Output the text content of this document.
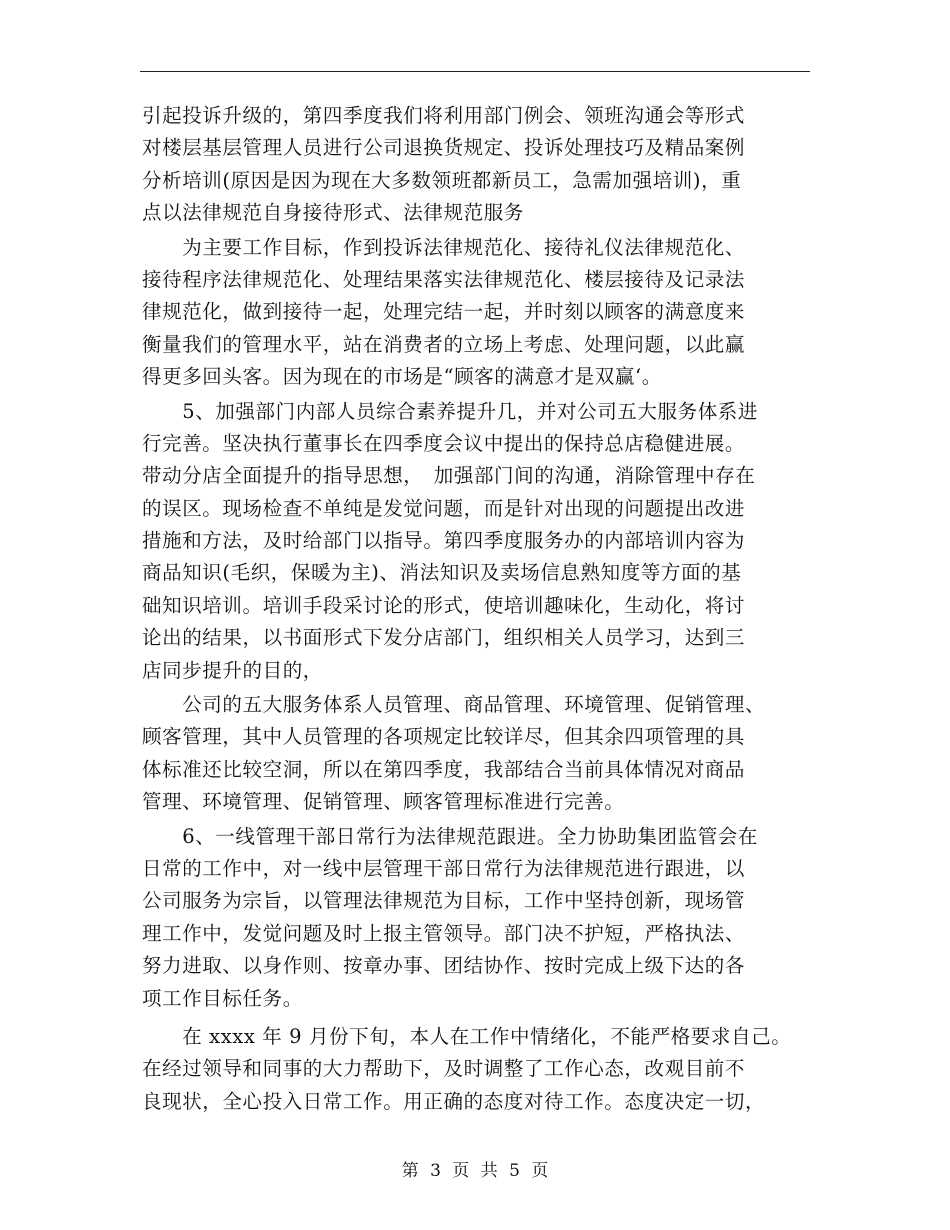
引起投诉升级的，第四季度我们将利用部门例会、领班沟通会等形式
对楼层基层管理人员进行公司退换货规定、投诉处理技巧及精品案例
分析培训(原因是因为现在大多数领班都新员工，急需加强培训)，重
点以法律规范自身接待形式、法律规范服务
　　为主要工作目标，作到投诉法律规范化、接待礼仪法律规范化、
接待程序法律规范化、处理结果落实法律规范化、楼层接待及记录法
律规范化，做到接待一起，处理完结一起，并时刻以顾客的满意度来
衡量我们的管理水平，站在消费者的立场上考虑、处理问题，以此赢
得更多回头客。因为现在的市场是“顾客的满意才是双赢‘。
　　5、加强部门内部人员综合素养提升几，并对公司五大服务体系进
行完善。坚决执行董事长在四季度会议中提出的保持总店稳健进展。
带动分店全面提升的指导思想，　加强部门间的沟通，消除管理中存在
的误区。现场检查不单纯是发觉问题，而是针对出现的问题提出改进
措施和方法，及时给部门以指导。第四季度服务办的内部培训内容为
商品知识(毛织，保暖为主)、消法知识及卖场信息熟知度等方面的基
础知识培训。培训手段采讨论的形式，使培训趣味化，生动化，将讨
论出的结果，以书面形式下发分店部门，组织相关人员学习，达到三
店同步提升的目的，
　　公司的五大服务体系人员管理、商品管理、环境管理、促销管理、
顾客管理，其中人员管理的各项规定比较详尽，但其余四项管理的具
体标准还比较空洞，所以在第四季度，我部结合当前具体情况对商品
管理、环境管理、促销管理、顾客管理标准进行完善。
　　6、一线管理干部日常行为法律规范跟进。全力协助集团监管会在
日常的工作中，对一线中层管理干部日常行为法律规范进行跟进，以
公司服务为宗旨，以管理法律规范为目标，工作中坚持创新，现场管
理工作中，发觉问题及时上报主管领导。部门决不护短，严格执法、
努力进取、以身作则、按章办事、团结协作、按时完成上级下达的各
项工作目标任务。
　　在 xxxx 年 9 月份下旬，本人在工作中情绪化，不能严格要求自己。
在经过领导和同事的大力帮助下，及时调整了工作心态，改观目前不
良现状，全心投入日常工作。用正确的态度对待工作。态度决定一切，
第 3 页 共 5 页
